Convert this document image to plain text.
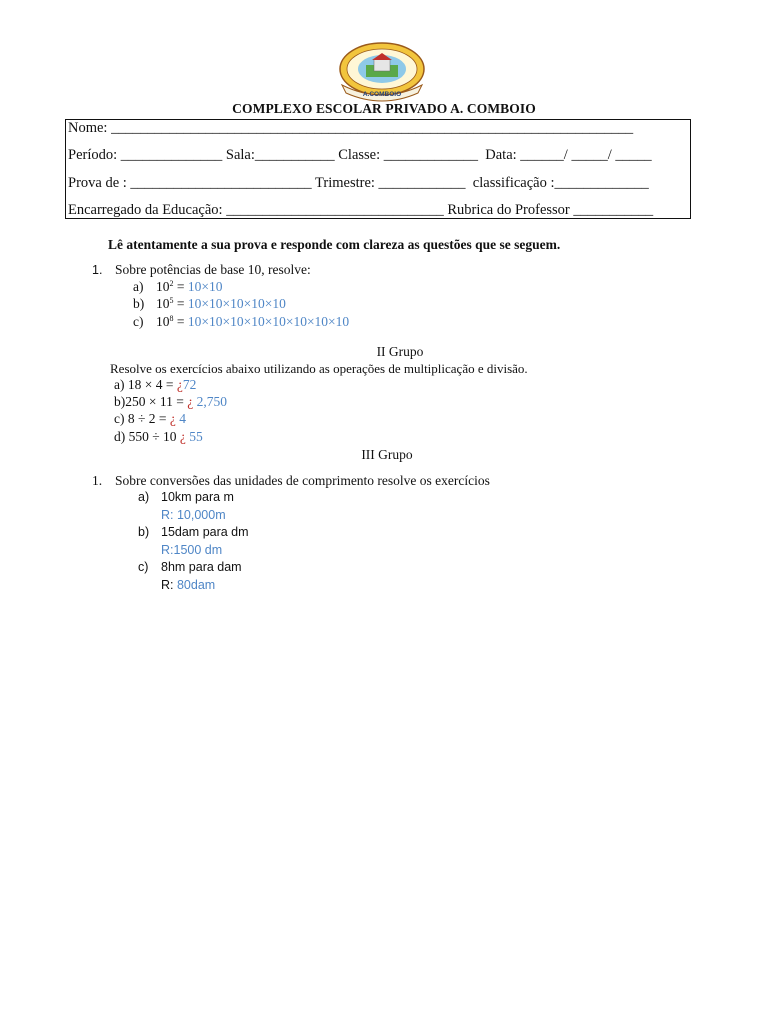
A.COMBOIO
COMPLEXO ESCOLAR PRIVADO A. COMBOIO
Nome: ________________________________________________________________________
Período: ______________ Sala:___________ Classe: _____________  Data: ______/ _____/ _____
Prova de : _________________________ Trimestre: ____________  classificação :_____________
Encarregado da Educação: ______________________________ Rubrica do Professor ___________
Lê atentamente a sua prova e responde com clareza as questões que se seguem.
1. Sobre potências de base 10, resolve:
a) $10^2 = 10\times 10$
b) $10^5 = 10\times 10\times 10\times 10\times 10$
c) $10^8 = 10\times 10\times 10\times 10\times 10\times 10\times 10\times 10$
II Grupo
Resolve os exercícios abaixo utilizando as operações de multiplicação e divisão.
a) 18 × 4 = ¿72
b)250 × 11 = ¿ 2,750
c) 8 ÷ 2 = ¿ 4
d) 550 ÷ 10 ¿ 55
III Grupo
1. Sobre conversões das unidades de comprimento resolve os exercícios
a) 10km para m
R: 10,000m
b) 15dam para dm
R:1500 dm
c) 8hm para dam
R: 80dam
